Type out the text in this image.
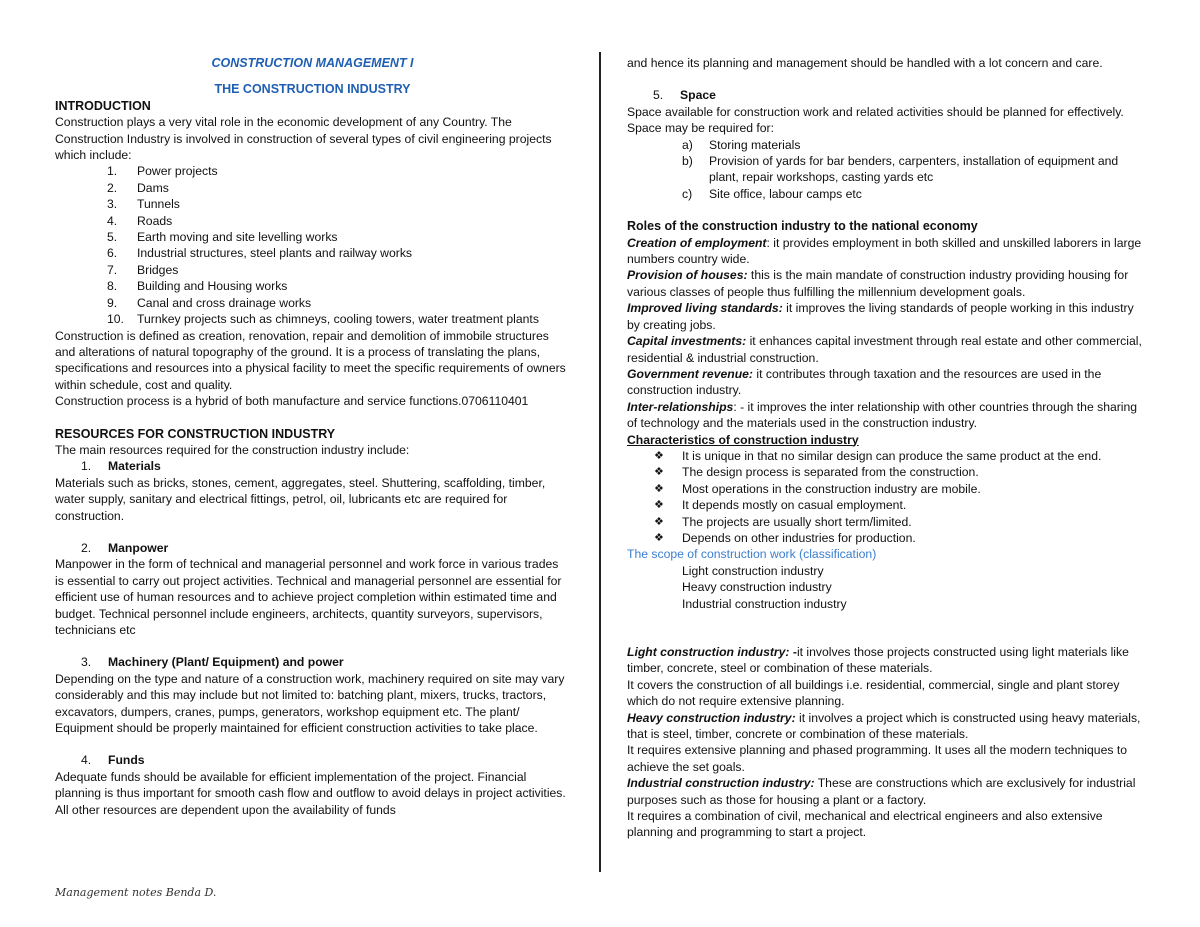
CONSTRUCTION MANAGEMENT I
THE CONSTRUCTION INDUSTRY
INTRODUCTION

Construction plays a very vital role in the economic development of any Country. The Construction Industry is involved in construction of several types of civil engineering projects which include:

1.	Power projects
2.	Dams
3.	Tunnels
4.	Roads
5.	Earth moving and site levelling works
6.	Industrial structures, steel plants and railway works
7.	Bridges
8.	Building and Housing works
9.	Canal and cross drainage works
10.	Turnkey projects such as chimneys, cooling towers, water treatment plants

Construction is defined as creation, renovation, repair and demolition of immobile structures and alterations of natural topography of the ground. It is a process of translating the plans, specifications and resources into a physical facility to meet the specific requirements of owners within schedule, cost and quality.

Construction process is a hybrid of both manufacture and service functions.0706110401

RESOURCES FOR CONSTRUCTION INDUSTRY

The main resources required for the construction industry include:

1. Materials

Materials such as bricks, stones, cement, aggregates, steel. Shuttering, scaffolding, timber, water supply, sanitary and electrical fittings, petrol, oil, lubricants etc are required for construction.

2. Manpower

Manpower in the form of technical and managerial personnel and work force in various trades is essential to carry out project activities. Technical and managerial personnel are essential for efficient use of human resources and to achieve project completion within estimated time and budget. Technical personnel include engineers, architects, quantity surveyors, supervisors, technicians etc

3. Machinery (Plant/ Equipment) and power

Depending on the type and nature of a construction work, machinery required on site may vary considerably and this may include but not limited to: batching plant, mixers, trucks, tractors, excavators, dumpers, cranes, pumps, generators, workshop equipment etc. The plant/ Equipment should be properly maintained for efficient construction activities to take place.

4. Funds

Adequate funds should be available for efficient implementation of the project. Financial planning is thus important for smooth cash flow and outflow to avoid delays in project activities. All other resources are dependent upon the availability of funds

and hence its planning and management should be handled with a lot concern and care.

5. Space

Space available for construction work and related activities should be planned for effectively. Space may be required for:

a) Storing materials
b) Provision of yards for bar benders, carpenters, installation of equipment and plant, repair workshops, casting yards etc
c) Site office, labour camps etc
Roles of the construction industry to the national economy

Creation of employment: it provides employment in both skilled and unskilled laborers in large numbers country wide.

Provision of houses: this is the main mandate of construction industry providing housing for various classes of people thus fulfilling the millennium development goals.

Improved living standards: it improves the living standards of people working in this industry by creating jobs.

Capital investments: it enhances capital investment through real estate and other commercial, residential & industrial construction.

Government revenue: it contributes through taxation and the resources are used in the construction industry.

Inter-relationships: - it improves the inter relationship with other countries through the sharing of technology and the materials used in the construction industry.

Characteristics of construction industry
❖ It is unique in that no similar design can produce the same product at the end.
❖ The design process is separated from the construction.
❖ Most operations in the construction industry are mobile.
❖ It depends mostly on casual employment.
❖ The projects are usually short term/limited.
❖ Depends on other industries for production.
The scope of construction work (classification)
Light construction industry
Heavy construction industry
Industrial construction industry

Light construction industry: -it involves those projects constructed using light materials like timber, concrete, steel or combination of these materials.

It covers the construction of all buildings i.e. residential, commercial, single and plant storey which do not require extensive planning.

Heavy construction industry: it involves a project which is constructed using heavy materials, that is steel, timber, concrete or combination of these materials.

It requires extensive planning and phased programming. It uses all the modern techniques to achieve the set goals.

Industrial construction industry: These are constructions which are exclusively for industrial purposes such as those for housing a plant or a factory.

It requires a combination of civil, mechanical and electrical engineers and also extensive planning and programming to start a project.

Management notes Benda D.
